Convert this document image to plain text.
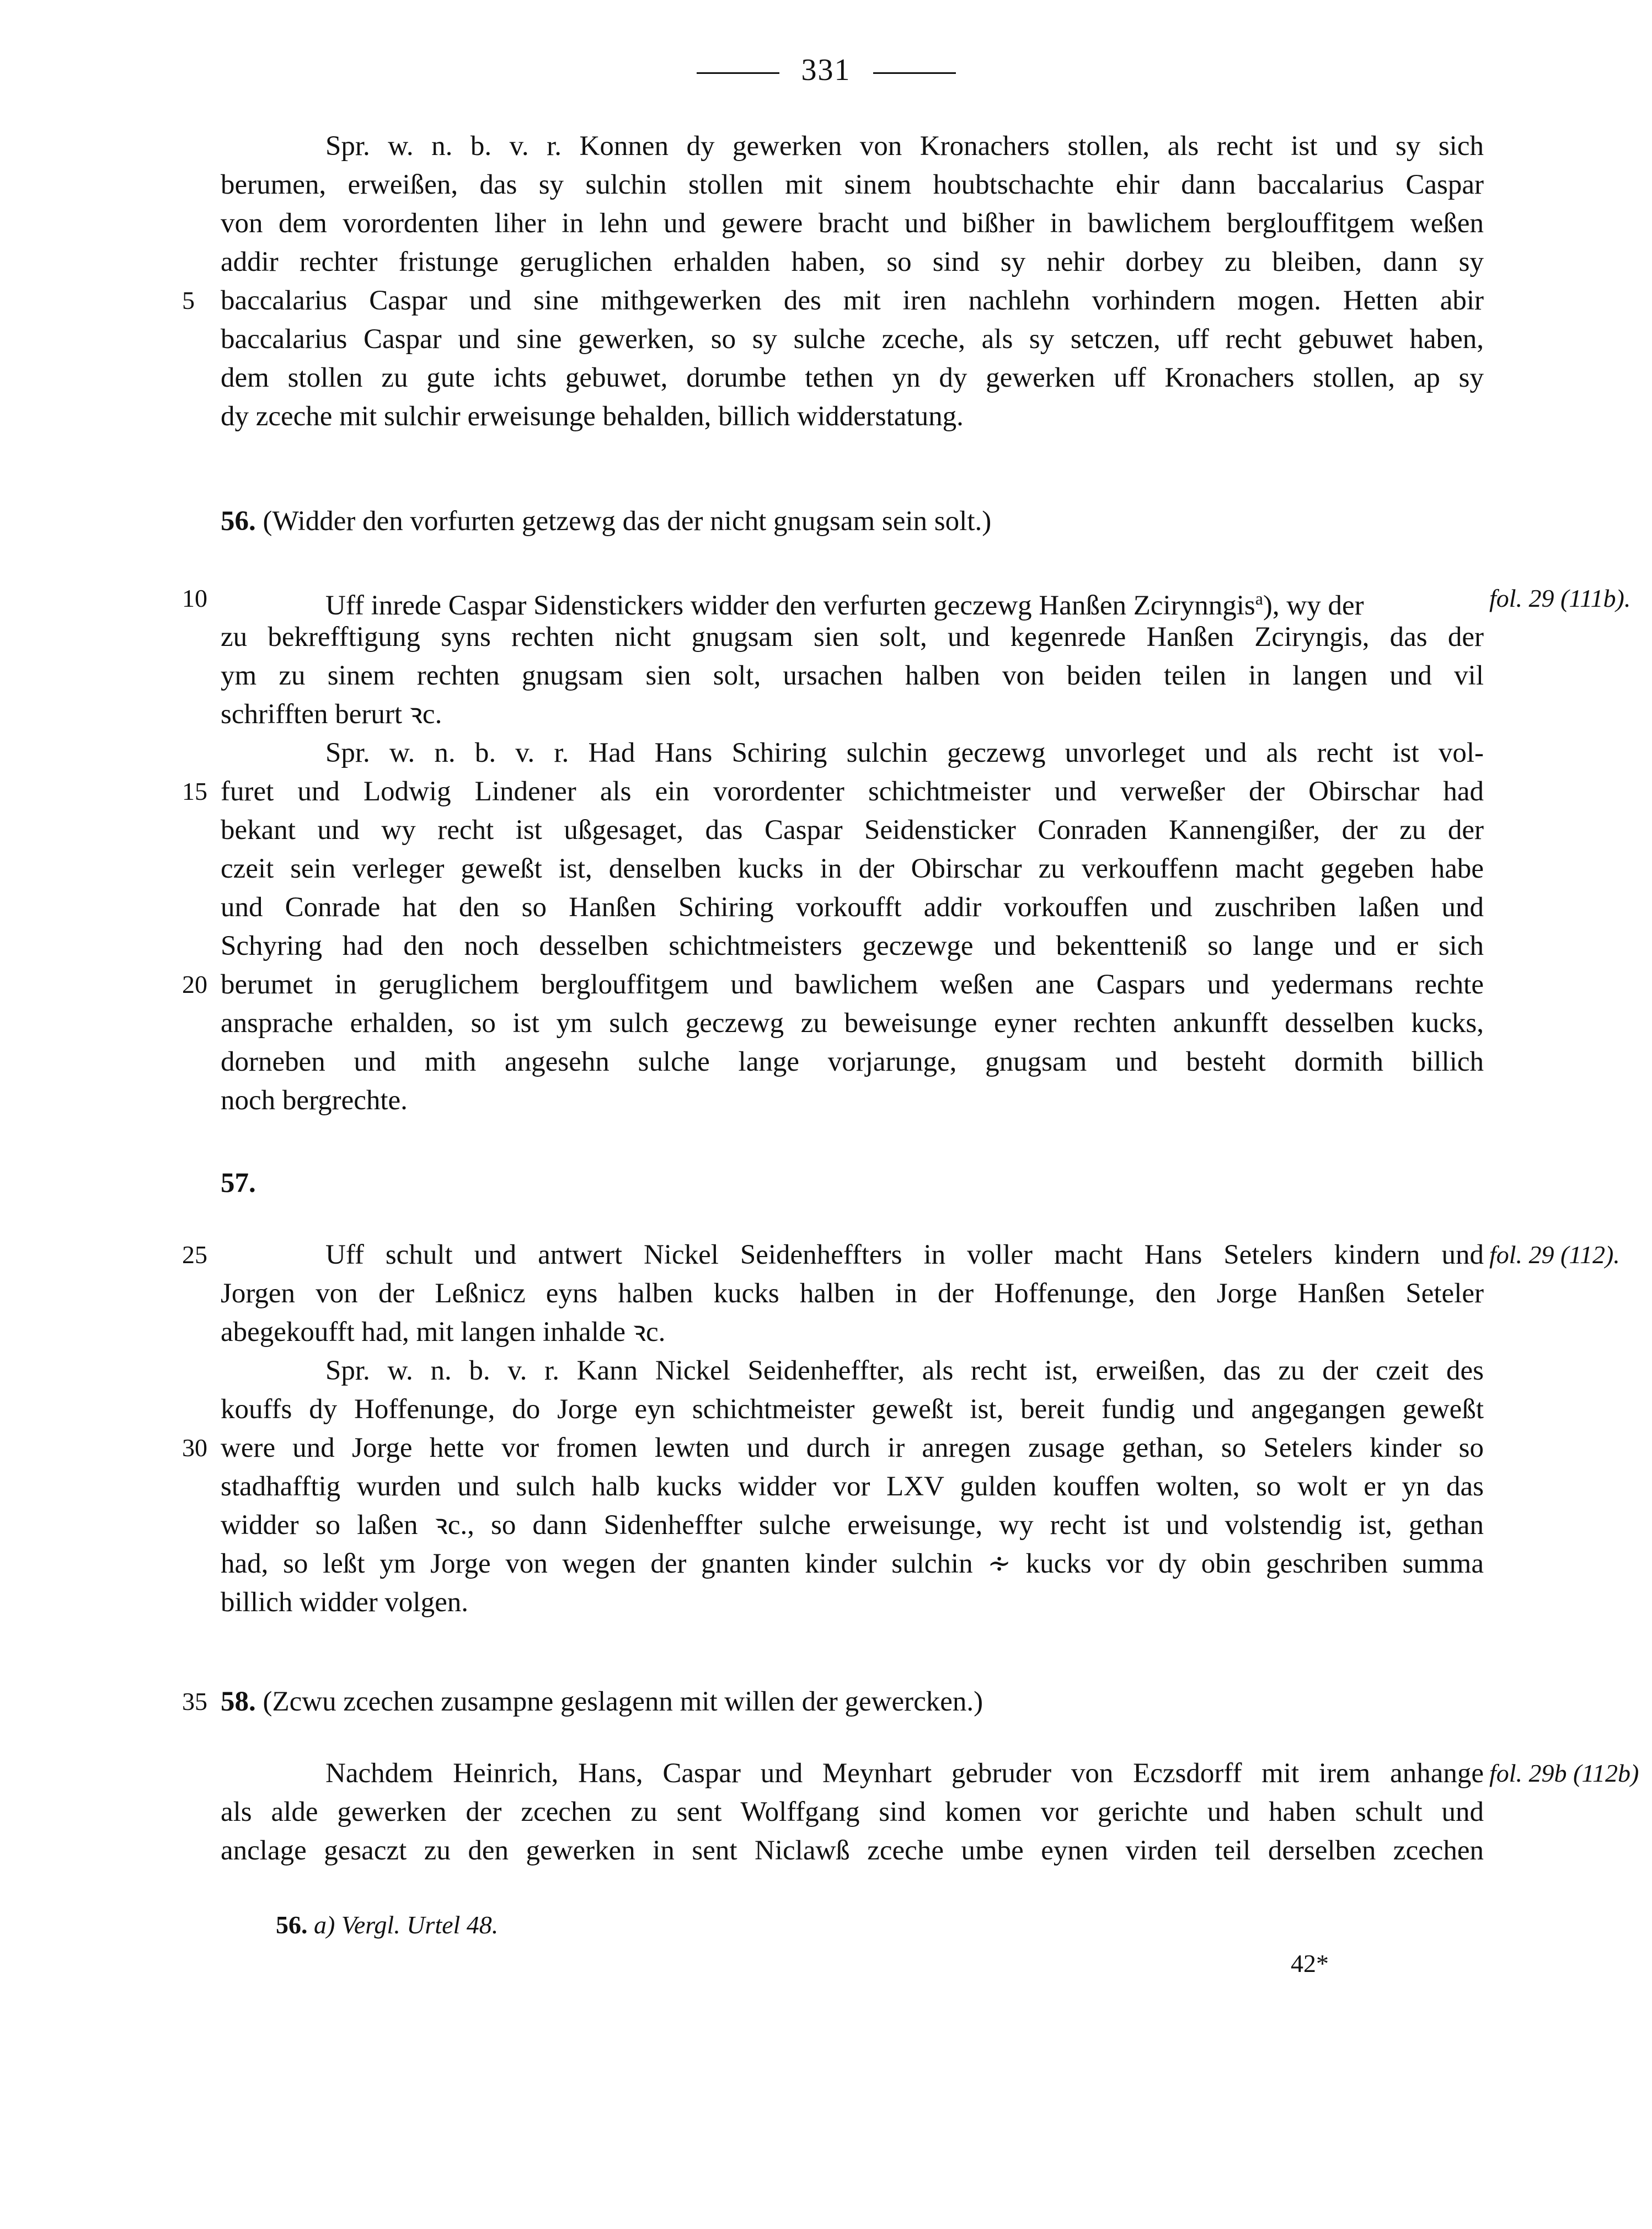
331
Spr. w. n. b. v. r. Konnen dy gewerken von Kronachers stollen, als recht ist und sy sich
berumen, erweißen, das sy sulchin stollen mit sinem houbtschachte ehir dann baccalarius Caspar
von dem vorordenten liher in lehn und gewere bracht und bißher in bawlichem berglouffitgem weßen
addir rechter fristunge geruglichen erhalden haben, so sind sy nehir dorbey zu bleiben, dann sy
baccalarius Caspar und sine mithgewerken des mit iren nachlehn vorhindern mogen. Hetten abir
baccalarius Caspar und sine gewerken, so sy sulche zceche, als sy setczen, uff recht gebuwet haben,
dem stollen zu gute ichts gebuwet, dorumbe tethen yn dy gewerken uff Kronachers stollen, ap sy
dy zceche mit sulchir erweisunge behalden, billich widderstatung.
56. (Widder den vorfurten getzewg das der nicht gnugsam sein solt.)
Uff inrede Caspar Sidenstickers widder den verfurten geczewg Hanßen Zcirynngis$^a$), wy der
zu bekrefftigung syns rechten nicht gnugsam sien solt, und kegenrede Hanßen Zciryngis, das der
ym zu sinem rechten gnugsam sien solt, ursachen halben von beiden teilen in langen und vil
schrifften berurt ꝛc.
Spr. w. n. b. v. r. Had Hans Schiring sulchin geczewg unvorleget und als recht ist vol-
furet und Lodwig Lindener als ein vorordenter schichtmeister und verweßer der Obirschar had
bekant und wy recht ist ußgesaget, das Caspar Seidensticker Conraden Kannengißer, der zu der
czeit sein verleger geweßt ist, denselben kucks in der Obirschar zu verkouffenn macht gegeben habe
und Conrade hat den so Hanßen Schiring vorkoufft addir vorkouffen und zuschriben laßen und
Schyring had den noch desselben schichtmeisters geczewge und bekentteniß so lange und er sich
berumet in geruglichem berglouffitgem und bawlichem weßen ane Caspars und yedermans rechte
ansprache erhalden, so ist ym sulch geczewg zu beweisunge eyner rechten ankunfft desselben kucks,
dorneben und mith angesehn sulche lange vorjarunge, gnugsam und besteht dormith billich
noch bergrechte.
fol. 29 (111b).
57.
Uff schult und antwert Nickel Seidenheffters in voller macht Hans Setelers kindern und
Jorgen von der Leßnicz eyns halben kucks halben in der Hoffenunge, den Jorge Hanßen Seteler
abegekoufft had, mit langen inhalde ꝛc.
Spr. w. n. b. v. r. Kann Nickel Seidenheffter, als recht ist, erweißen, das zu der czeit des
kouffs dy Hoffenunge, do Jorge eyn schichtmeister geweßt ist, bereit fundig und angegangen geweßt
were und Jorge hette vor fromen lewten und durch ir anregen zusage gethan, so Setelers kinder so
stadhafftig wurden und sulch halb kucks widder vor LXV gulden kouffen wolten, so wolt er yn das
widder so laßen ꝛc., so dann Sidenheffter sulche erweisunge, wy recht ist und volstendig ist, gethan
had, so leßt ym Jorge von wegen der gnanten kinder sulchin ∻ kucks vor dy obin geschriben summa
billich widder volgen.
fol. 29 (112).
58. (Zcwu zcechen zusampne geslagenn mit willen der gewercken.)
Nachdem Heinrich, Hans, Caspar und Meynhart gebruder von Eczsdorff mit irem anhange
als alde gewerken der zcechen zu sent Wolffgang sind komen vor gerichte und haben schult und
anclage gesaczt zu den gewerken in sent Niclawß zceche umbe eynen virden teil derselben zcechen
fol. 29b (112b)
5
10
15
20
25
30
35
56. a) Vergl. Urtel 48.
42*
